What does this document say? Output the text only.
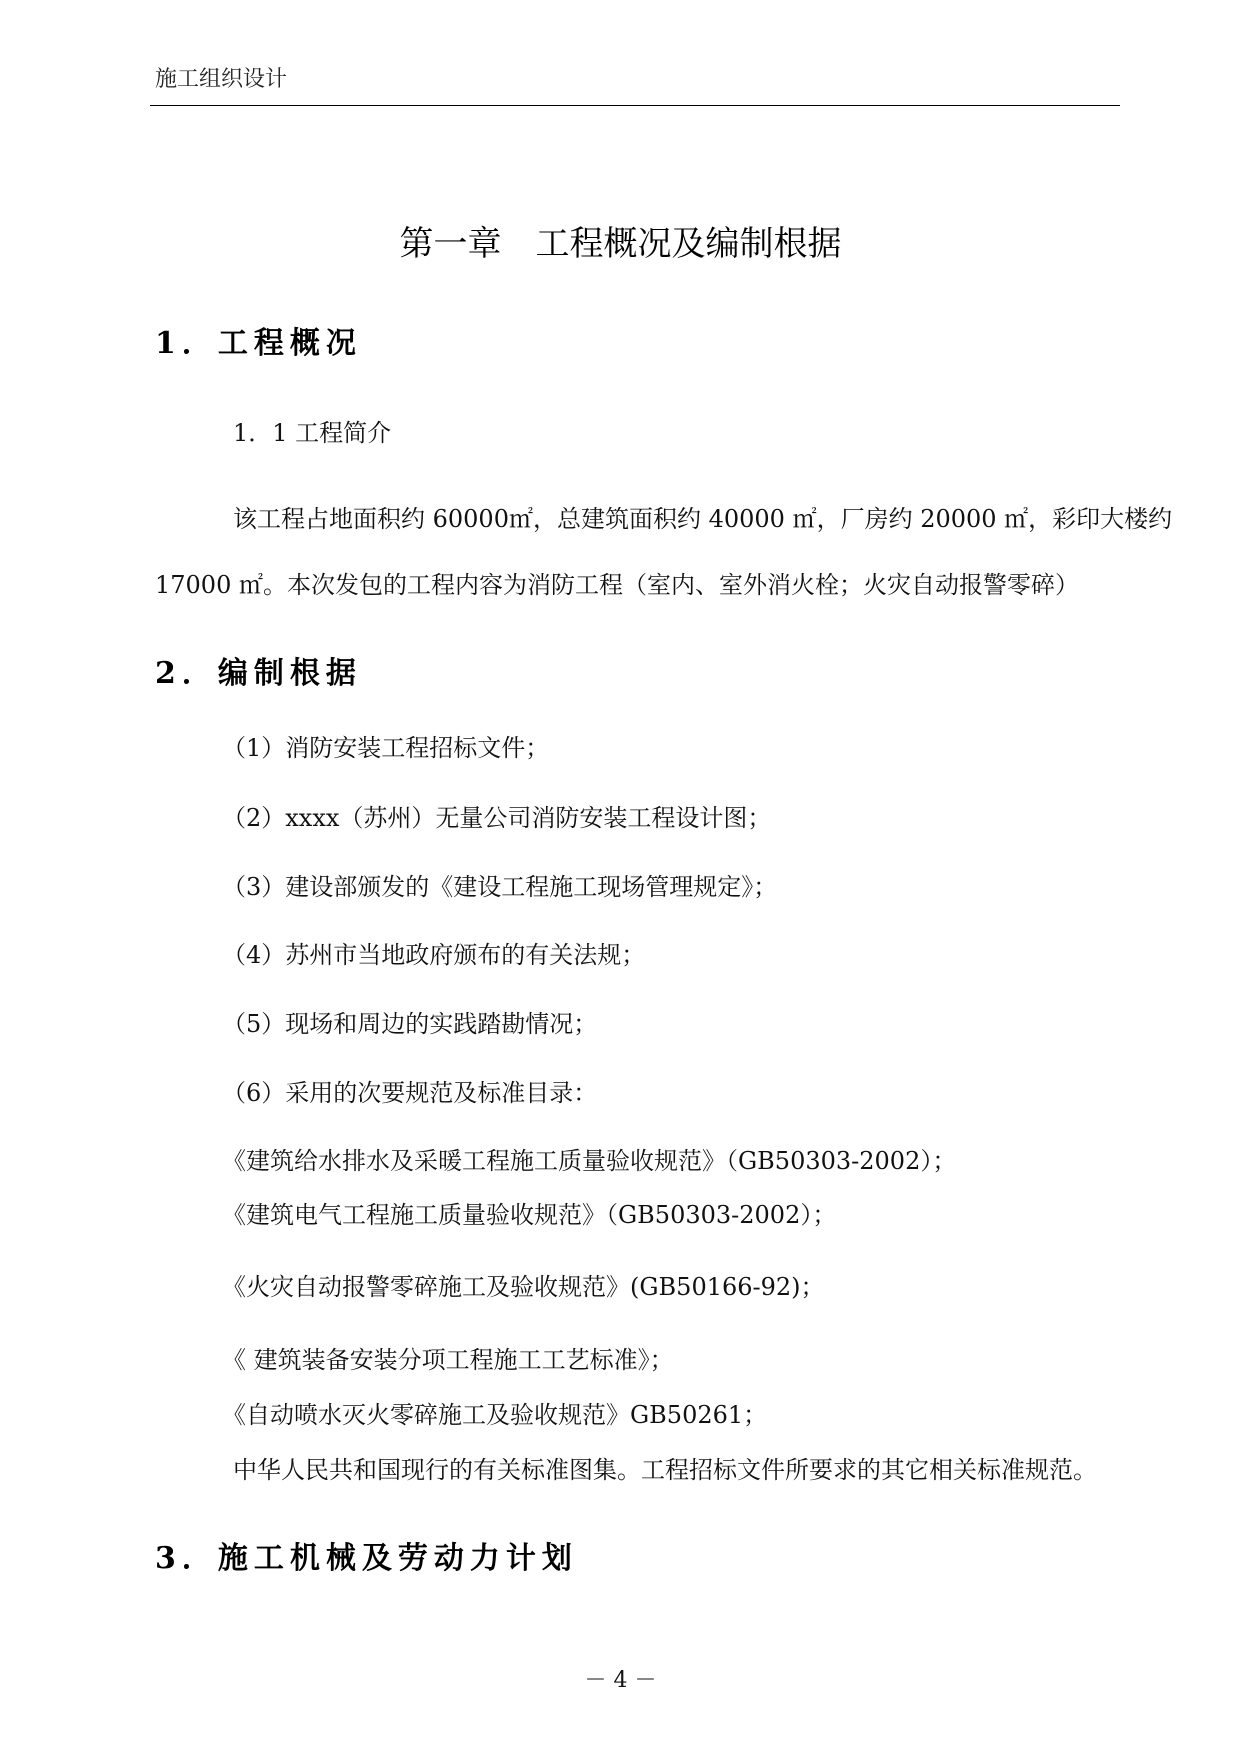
施工组织设计
第一章　工程概况及编制根据
1．工程概况
1．1 工程简介
该工程占地面积约 60000㎡，总建筑面积约 40000 ㎡，厂房约 20000 ㎡，彩印大楼约
17000 ㎡。本次发包的工程内容为消防工程（室内、室外消火栓；火灾自动报警零碎）
2．编制根据
（1）消防安装工程招标文件；
（2）xxxx（苏州）无量公司消防安装工程设计图；
（3）建设部颁发的《建设工程施工现场管理规定》；
（4）苏州市当地政府颁布的有关法规；
（5）现场和周边的实践踏勘情况；
（6）采用的次要规范及标准目录：
《建筑给水排水及采暖工程施工质量验收规范》（GB50303-2002）；
《建筑电气工程施工质量验收规范》（GB50303-2002）；
《火灾自动报警零碎施工及验收规范》(GB50166-92)；
《 建筑装备安装分项工程施工工艺标准》；
《自动喷水灭火零碎施工及验收规范》GB50261；
中华人民共和国现行的有关标准图集。工程招标文件所要求的其它相关标准规范。
3．施工机械及劳动力计划
－ 4 －
